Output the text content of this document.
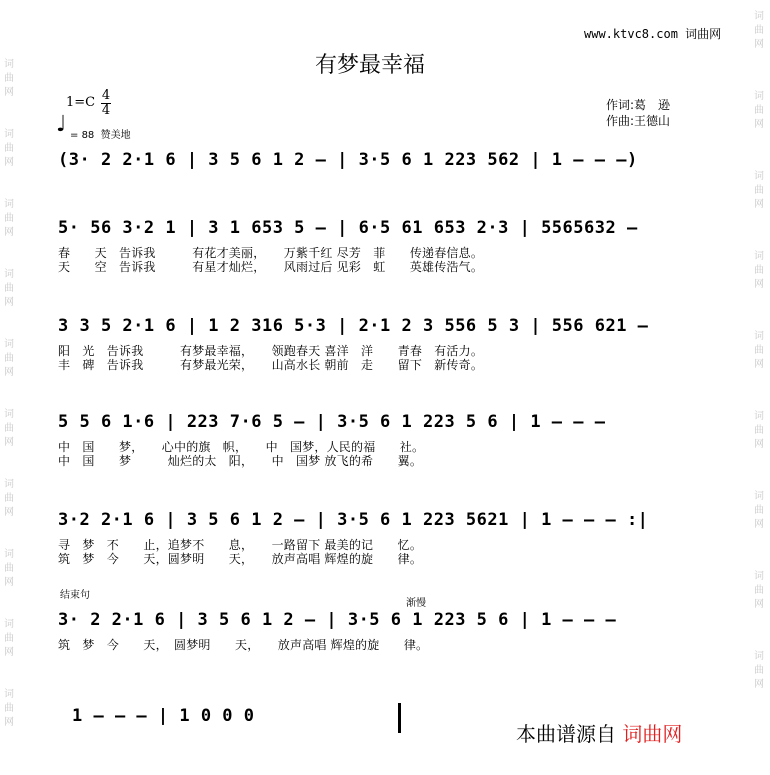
词曲网
词曲网
词曲网
词曲网
词曲网
词曲网
词曲网
词曲网
词曲网
词曲网
词曲网
词曲网
词曲网
词曲网
词曲网
词曲网
词曲网
词曲网
词曲网
www.ktvc8.com 词曲网
有梦最幸福
1=C 4
4
♩ = 88 赞美地
作词:葛　逊
作曲:王德山
(3· 2 2·1 6 | 3 5 6 1 2 – | 3·5 6 1 223 562 | 1 – – –)
5· 56 3·2 1 | 3 1 653 5 – | 6·5 61 653 2·3 | 5565632 –
春　　天　告诉我　　　有花才美丽，　　万紫千红 尽芳　菲　　传递春信息。
天　　空　告诉我　　　有星才灿烂，　　风雨过后 见彩　虹　　英雄传浩气。
3 3 5 2·1 6 | 1 2 316 5·3 | 2·1 2 3 556 5 3 | 556 621 –
阳　光　告诉我　　　有梦最幸福，　　领跑春天 喜洋　洋　　青春　有活力。
丰　碑　告诉我　　　有梦最光荣，　　山高水长 朝前　走　　留下　新传奇。
5 5 6 1·6 | 223 7·6 5 – | 3·5 6 1 223 5 6 | 1 – – –
中　国　　梦，　　心中的旗　帜，　　中　国梦，人民的福　　社。
中　国　　梦　　　灿烂的太　阳，　　中　国梦 放飞的希　　翼。
3·2 2·1 6 | 3 5 6 1 2 – | 3·5 6 1 223 5621 | 1 – – – :|
寻　梦　不　　止，追梦不　　息，　　一路留下 最美的记　　忆。
筑　梦　今　　天，圆梦明　　天，　　放声高唱 辉煌的旋　　律。
结束句
渐慢
3· 2 2·1 6 | 3 5 6 1 2 – | 3·5 6 1 223 5 6 | 1 – – –
筑　梦　今　　天，　圆梦明　　天，　　放声高唱 辉煌的旋　　律。
1 – – – | 1 0 0 0
本曲谱源自 词曲网
